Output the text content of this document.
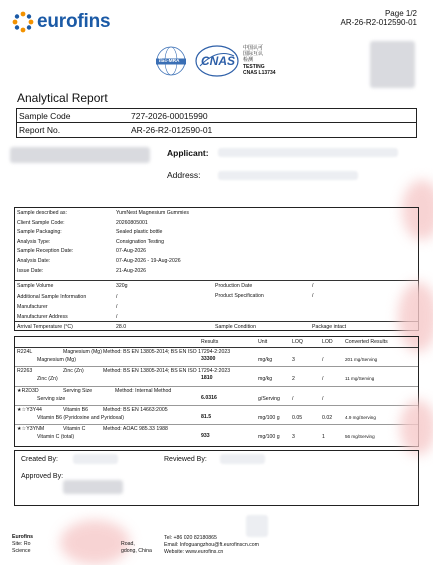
eurofins	Page 1/2
AR-26-R2-012590-01
ilac-MRA CNAS
中国认可
国际互认
检测
TESTING
CNAS L13734
Analytical Report
Sample Code	727-2026-00015990
Report No.	AR-26-R2-012590-01
Applicant:
Address:
Sample described as:	YumNest Magnesium Gummies
Client Sample Code:	20260805001
Sample Packaging:	Sealed plastic bottle
Analysis Type:	Consignation Testing
Sample Reception Date:	07-Aug-2026
Analysis Date:	07-Aug-2026 - 19-Aug-2026
Issue Date:	21-Aug-2026
Sample Volume	320g	Production Date	/
Additional Sample Information	/	Product Specification	/
Manufacturer	/
Manufacturer Address	/
Arrival Temperature (°C)	28.0	Sample Condition	Package intact
Results	Unit	LOQ	LOD Converted Results
R224L	Magnesium (Mg) Method: BS EN 13805-2014; BS EN ISO 17294-2:2023
Magnesium (Mg)	33300	mg/kg	3	/	201 mg/Serving
R2263	Zinc (Zn)	Method: BS EN 13805-2014; BS EN ISO 17294-2:2023
Zinc (Zn)	1810	mg/kg	2	/	11 mg/Serving
★R2D3D	Serving Size	Method: Internal Method
Serving size	6.0316	g/Serving /	/
★☆Y3Y44	Vitamin B6	Method: BS EN 14663:2005
Vitamin B6 (Pyridoxine and Pyridoxal)	81.5	mg/100 g 0.05	0.02	4.9 mg/Serving
★☆Y3YNM	Vitamin C	Method: AOAC 985.33 1988
Vitamin C (total)	933	mg/100 g 3	1	56 mg/Serving
Created By:	Reviewed By:
Approved By:
Eurofins
Site: Ro
Science
Road,
gdong, China
Tel: +86 020 82180865
Email: Infoguangzhou@ft.eurofinscn.com
Website: www.eurofins.cn
